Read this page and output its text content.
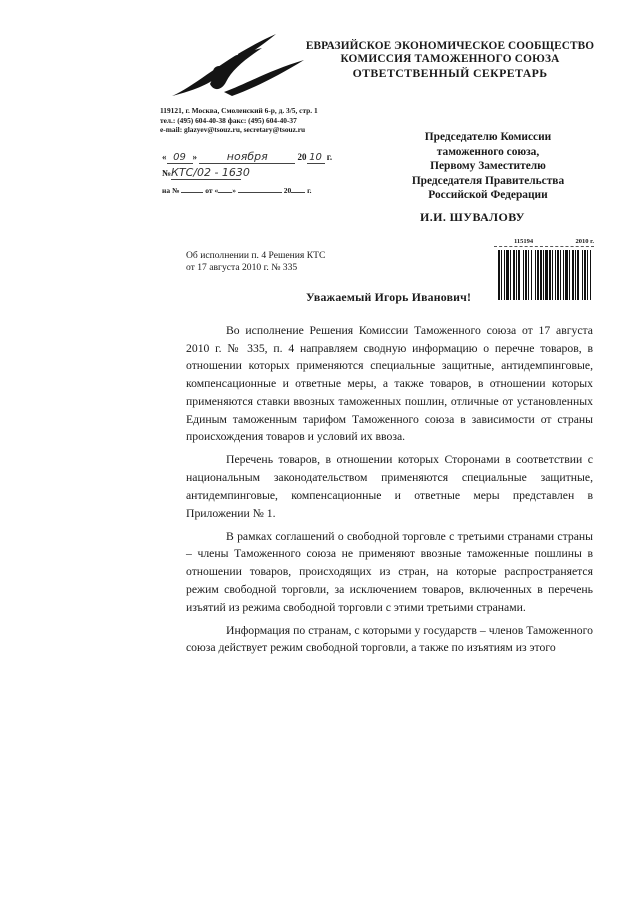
ЕВРАЗИЙСКОЕ ЭКОНОМИЧЕСКОЕ СООБЩЕСТВО
КОМИССИЯ ТАМОЖЕННОГО СОЮЗА
ОТВЕТСТВЕННЫЙ СЕКРЕТАРЬ
119121, г. Москва, Смоленский 6-р, д. 3/5, стр. 1
тел.: (495) 604-40-38 факс: (495) 604-40-37
e-mail: glazyev@tsouz.ru, secretary@tsouz.ru
« 09 »	ноября	20 10 г.
№КТС/02 - 1630
на №	от « »	20 г.
Председателю Комиссии
таможенного союза,
Первому Заместителю
Председателя Правительства
Российской Федерации
И.И. ШУВАЛОВУ
Об исполнении п. 4 Решения КТС
от 17 августа 2010 г. № 335
115194	2010 г.
Уважаемый Игорь Иванович!

Во исполнение Решения Комиссии Таможенного союза от 17 августа 2010 г. № 335, п. 4 направляем сводную информацию о перечне товаров, в отношении которых применяются специальные защитные, антидемпинговые, компенсационные и ответные меры, а также товаров, в отношении которых применяются ставки ввозных таможенных пошлин, отличные от установленных Единым таможенным тарифом Таможенного союза в зависимости от страны происхождения товаров и условий их ввоза.

Перечень товаров, в отношении которых Сторонами в соответствии с национальным законодательством применяются специальные защитные, антидемпинговые, компенсационные и ответные меры представлен в Приложении № 1.

В рамках соглашений о свободной торговле с третьими странами страны – члены Таможенного союза не применяют ввозные таможенные пошлины в отношении товаров, происходящих из стран, на которые распространяется режим свободной торговли, за исключением товаров, включенных в перечень изъятий из режима свободной торговли с этими третьими странами.

Информация по странам, с которыми у государств – членов Таможенного союза действует режим свободной торговли, а также по изъятиям из этого
